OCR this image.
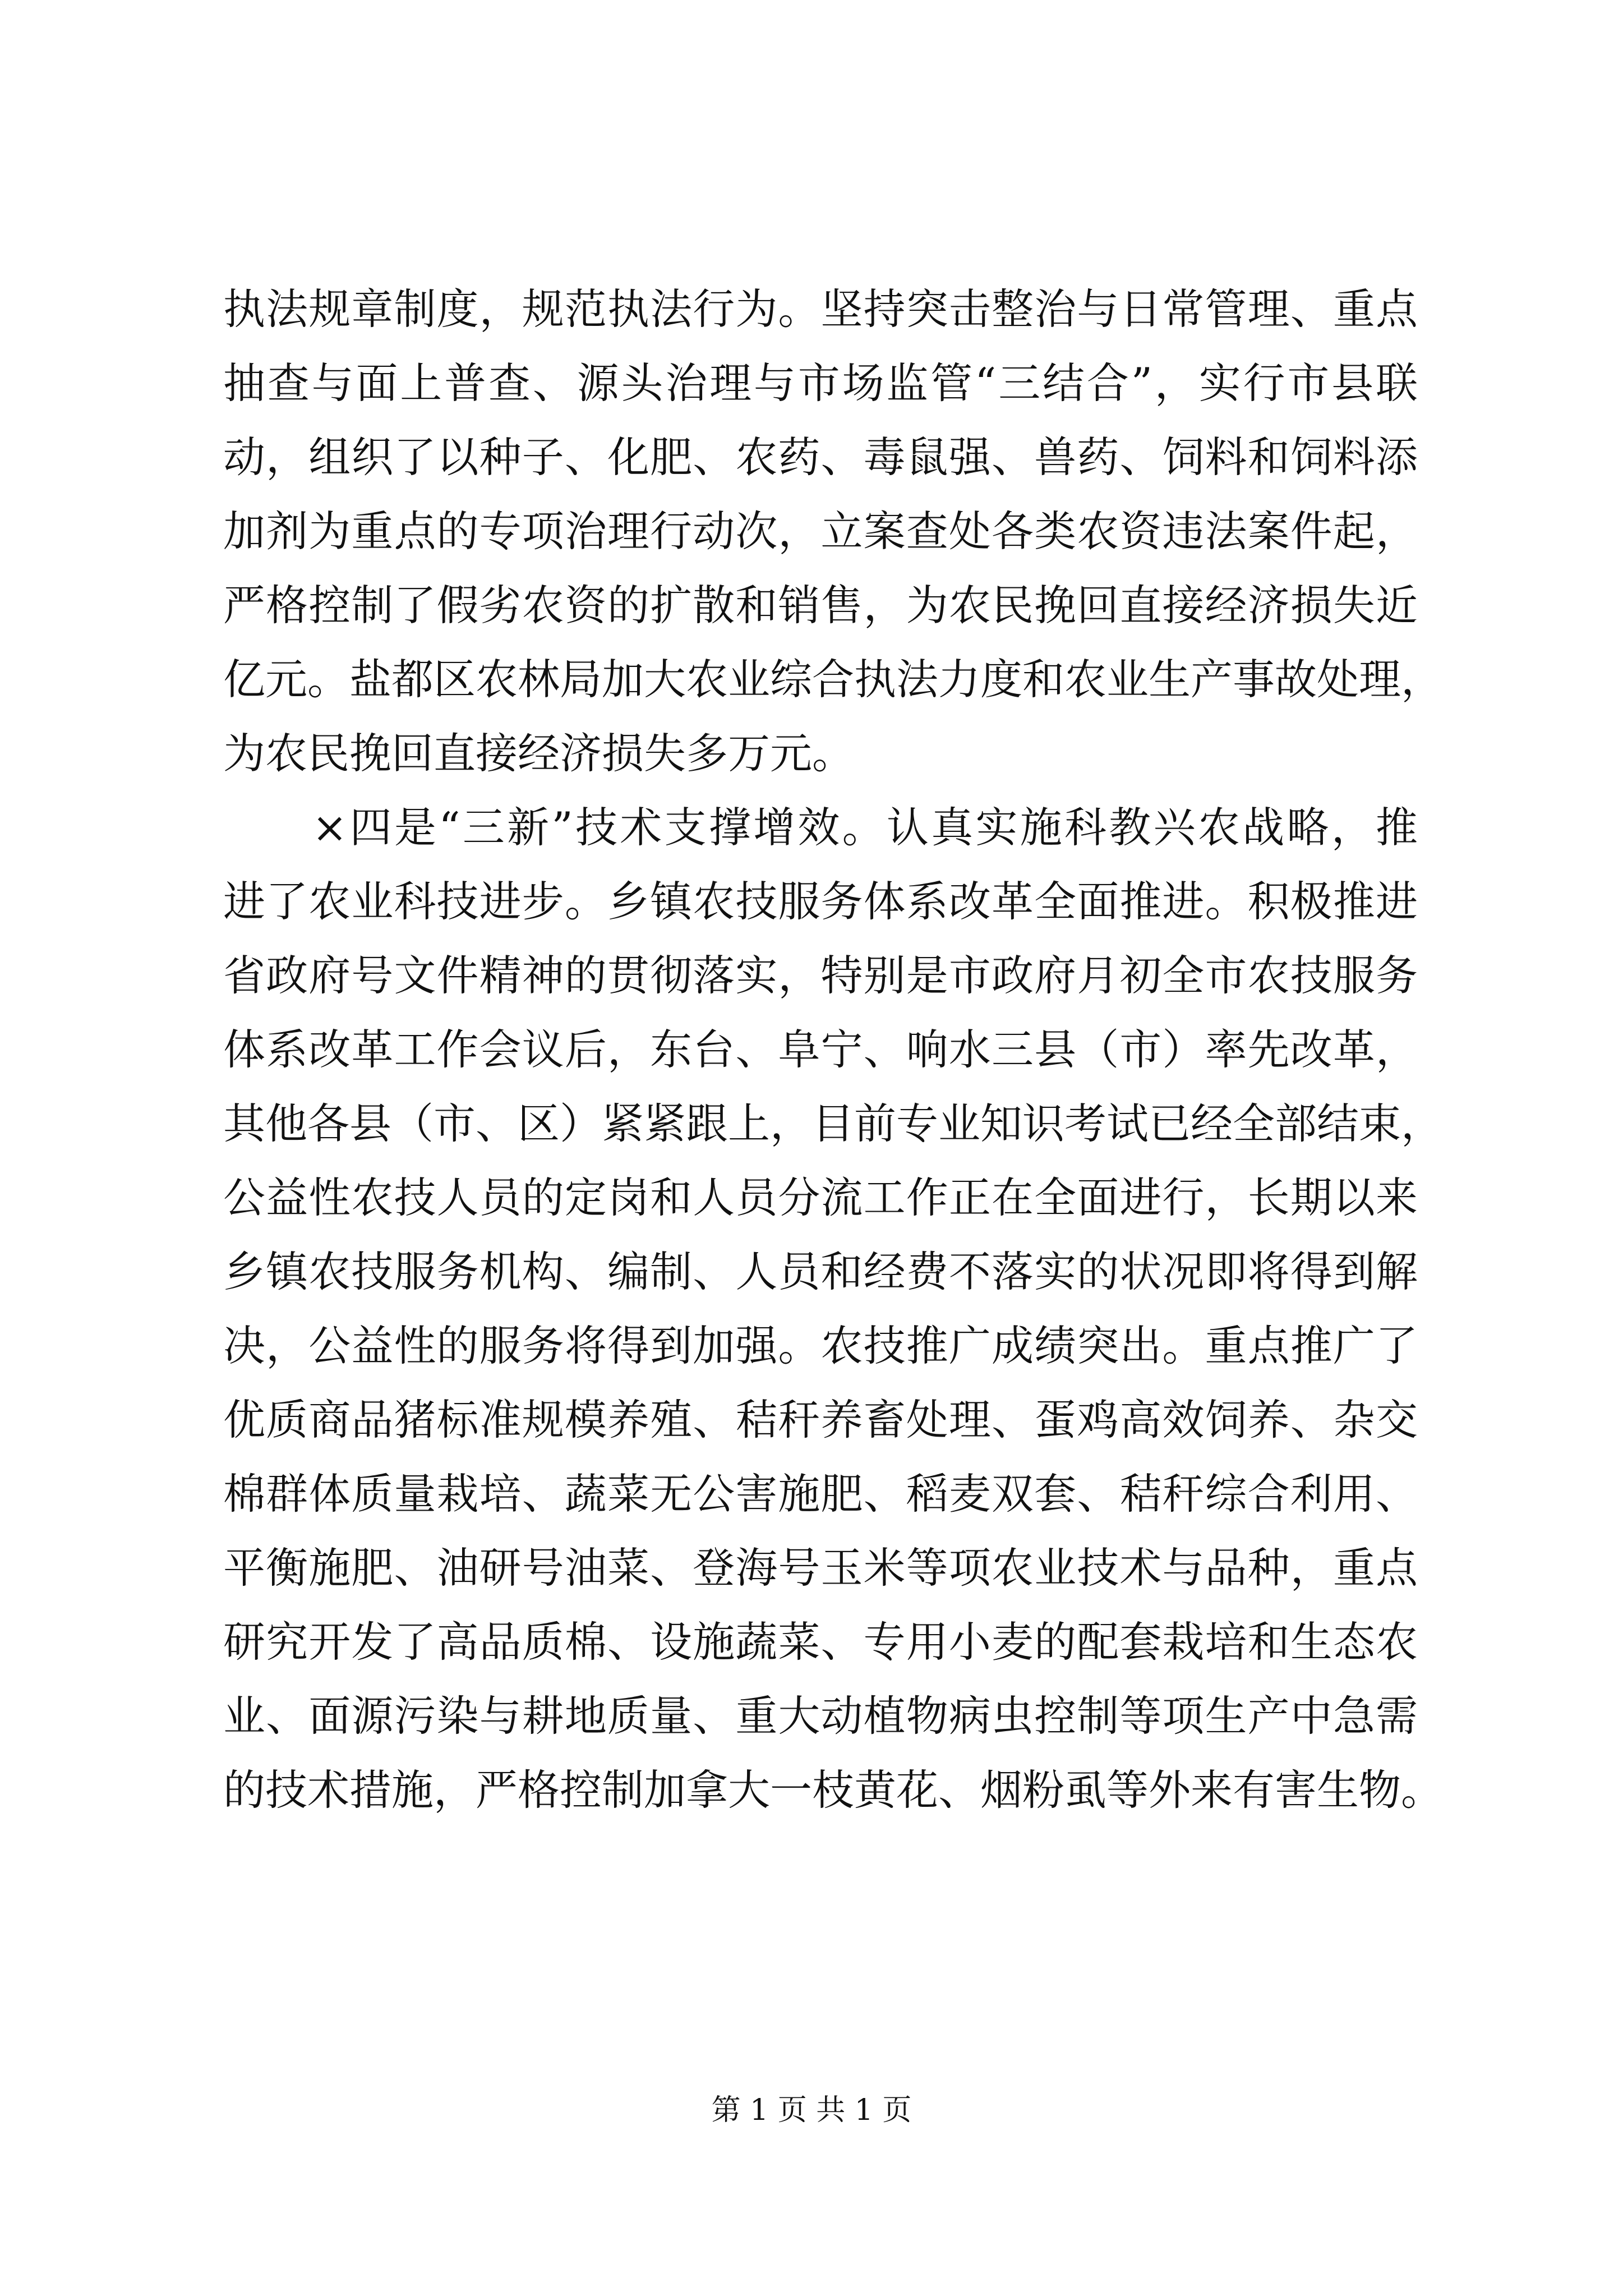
执法规章制度，规范执法行为。坚持突击整治与日常管理、重点
抽查与面上普查、源头治理与市场监管“三结合”，实行市县联
动，组织了以种子、化肥、农药、毒鼠强、兽药、饲料和饲料添
加剂为重点的专项治理行动次，立案查处各类农资违法案件起，
严格控制了假劣农资的扩散和销售，为农民挽回直接经济损失近
亿元。盐都区农林局加大农业综合执法力度和农业生产事故处理，
为农民挽回直接经济损失多万元。
　　×四是“三新”技术支撑增效。认真实施科教兴农战略，推
进了农业科技进步。乡镇农技服务体系改革全面推进。积极推进
省政府号文件精神的贯彻落实，特别是市政府月初全市农技服务
体系改革工作会议后，东台、阜宁、响水三县（市）率先改革，
其他各县（市、区）紧紧跟上，目前专业知识考试已经全部结束，
公益性农技人员的定岗和人员分流工作正在全面进行，长期以来
乡镇农技服务机构、编制、人员和经费不落实的状况即将得到解
决，公益性的服务将得到加强。农技推广成绩突出。重点推广了
优质商品猪标准规模养殖、秸秆养畜处理、蛋鸡高效饲养、杂交
棉群体质量栽培、蔬菜无公害施肥、稻麦双套、秸秆综合利用、
平衡施肥、油研号油菜、登海号玉米等项农业技术与品种，重点
研究开发了高品质棉、设施蔬菜、专用小麦的配套栽培和生态农
业、面源污染与耕地质量、重大动植物病虫控制等项生产中急需
的技术措施，严格控制加拿大一枝黄花、烟粉虱等外来有害生物。
第 1 页 共 1 页
